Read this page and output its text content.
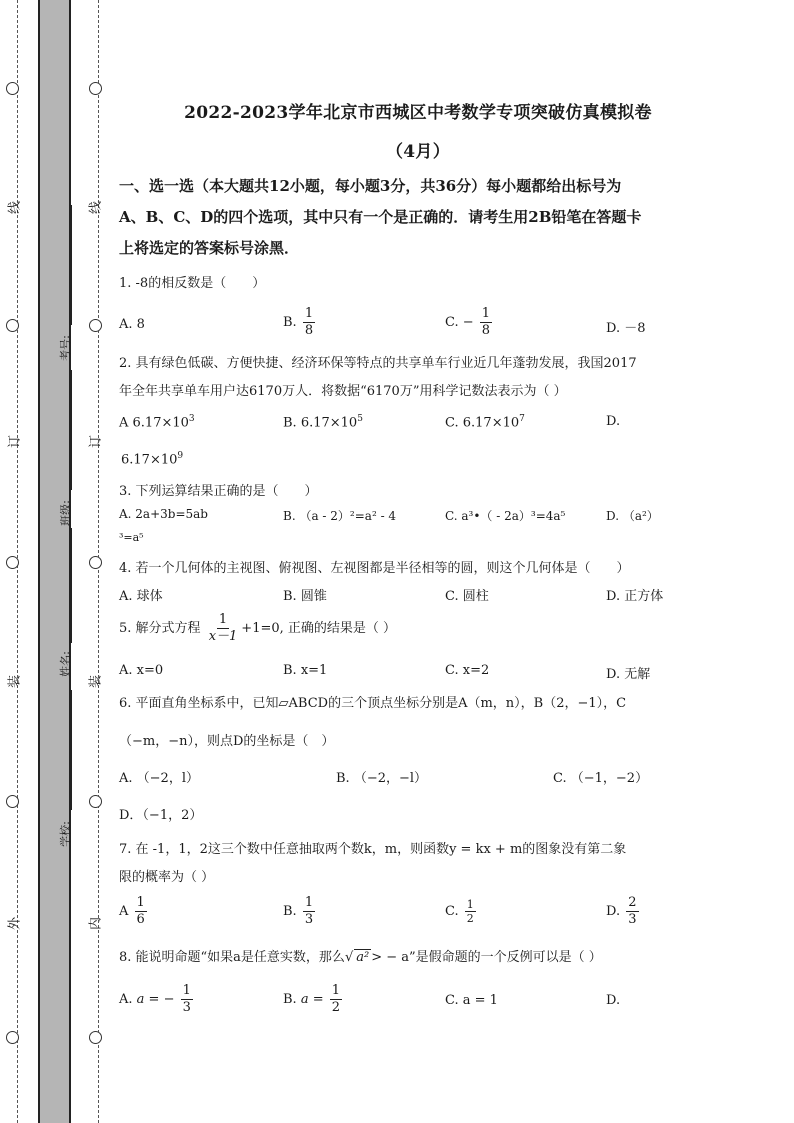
线
订
装
外
线
订
装
内
考号:
班级:
姓名:
学校:
2022-2023学年北京市西城区中考数学专项突破仿真模拟卷
（4月）
一、选一选（本大题共12小题，每小题3分，共36分）每小题都给出标号为
A、B、C、D的四个选项，其中只有一个是正确的．请考生用2B铅笔在答题卡
上将选定的答案标号涂黑．
1. -8的相反数是（　　）
A. 8	B. $\frac{1}{8}$	C. − $\frac{1}{8}$	D. －8
2. 具有绿色低碳、方便快捷、经济环保等特点的共享单车行业近几年蓬勃发展，我国2017
年全年共享单车用户达6170万人．将数据“6170万”用科学记数法表示为（ ）
A $6.17\times 10^3$	B. $6.17\times 10^5$	C. $6.17\times 10^7$	D.
$6.17\times 10^9$
3. 下列运算结果正确的是（　　）
A. 2a+3b=5ab	B. （a - 2）²=a² - 4	C. a³•（ - 2a）³=4a⁵	D. （a²）
³=a⁵
4. 若一个几何体的主视图、俯视图、左视图都是半径相等的圆，则这个几何体是（　　）
A. 球体	B. 圆锥	C. 圆柱	D. 正方体
5. 解分式方程 $\frac{1}{x-1} +1=0$, 正确的结果是（ ）
A. x=0	B. x=1	C. x=2	D. 无解
6. 平面直角坐标系中，已知▱ABCD的三个顶点坐标分别是A（m，n），B（2，−1），C
（−m，−n），则点D的坐标是（　）
A. （−2，l）	B. （−2，−l）	C. （−1，−2）
D．（−1，2）
7. 在 -1，1，2这三个数中任意抽取两个数k，m，则函数y = kx + m的图象没有第二象
限的概率为（ ）
A $\frac{1}{6}$	B. $\frac{1}{3}$	C. $\frac{1}{2}$	D. $\frac{2}{3}$
8. 能说明命题“如果a是任意实数，那么√ a² > − a”是假命题的一个反例可以是（ ）
A. a = − $\frac{1}{3}$	B. $a = \frac{1}{2}$	C. a = 1	D.
